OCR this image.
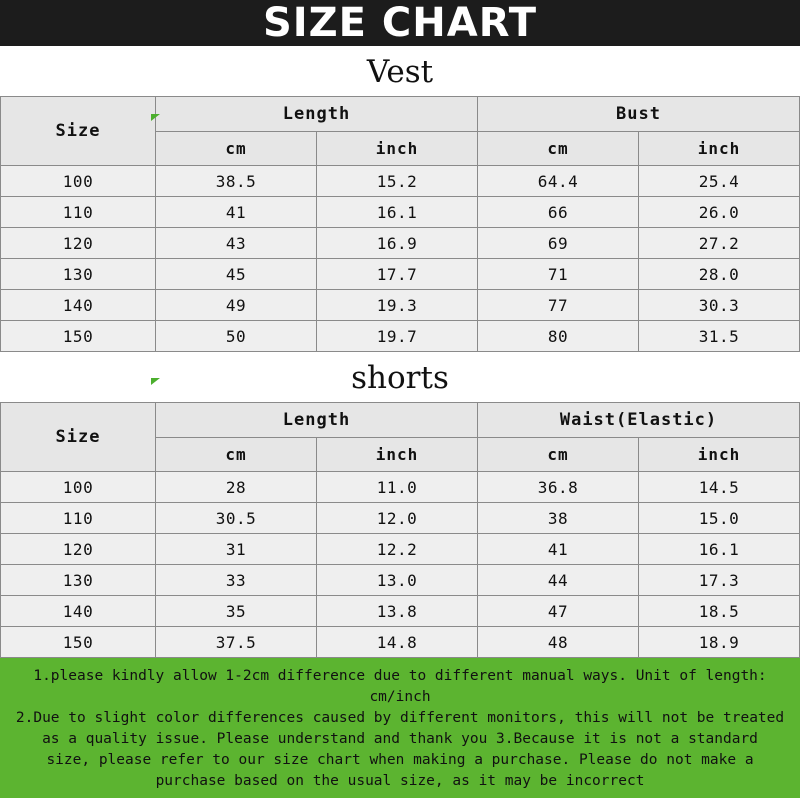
SIZE CHART
Vest
Size	Length		Bust	
	cm	inch	cm	inch
100	38.5	15.2	64.4	25.4
110	41	16.1	66	26.0
120	43	16.9	69	27.2
130	45	17.7	71	28.0
140	49	19.3	77	30.3
150	50	19.7	80	31.5
shorts
Size	Length		Waist(Elastic)	
	cm	inch	cm	inch
100	28	11.0	36.8	14.5
110	30.5	12.0	38	15.0
120	31	12.2	41	16.1
130	33	13.0	44	17.3
140	35	13.8	47	18.5
150	37.5	14.8	48	18.9

1.please kindly allow 1-2cm difference due to different manual ways. Unit of length:

cm/inch

2.Due to slight color differences caused by different monitors, this will not be treated

as a quality issue. Please understand and thank you 3.Because it is not a standard

size, please refer to our size chart when making a purchase. Please do not make a

purchase based on the usual size, as it may be incorrect
